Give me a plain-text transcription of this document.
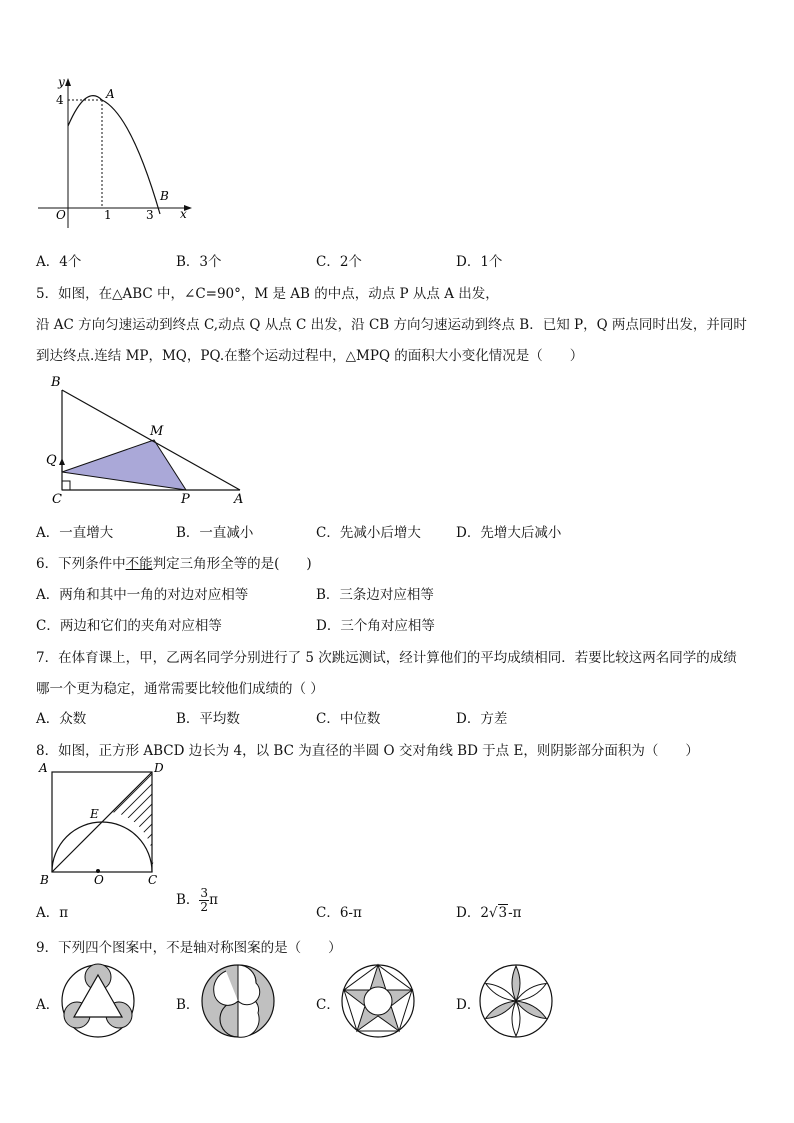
y
x
O
4
1	3
A
B
A．4个	B．3个	C．2个	D．1个
5．如图，在△ABC 中，∠C=90°，M 是 AB 的中点，动点 P 从点 A 出发，
沿 AC 方向匀速运动到终点 C,动点 Q 从点 C 出发，沿 CB 方向匀速运动到终点 B．已知 P，Q 两点同时出发，并同时
到达终点.连结 MP，MQ，PQ.在整个运动过程中，△MPQ 的面积大小变化情况是（　　）
B
M
Q
C	P	A
A．一直增大	B．一直减小	C．先减小后增大	D．先增大后减小
6．下列条件中不能判定三角形全等的是(　　)
A．两角和其中一角的对边对应相等	B．三条边对应相等
C．两边和它们的夹角对应相等	D．三个角对应相等
7．在体育课上，甲，乙两名同学分别进行了 5 次跳远测试，经计算他们的平均成绩相同．若要比较这两名同学的成绩
哪一个更为稳定，通常需要比较他们成绩的（ ）
A．众数	B．平均数	C．中位数	D．方差
8．如图，正方形 ABCD 边长为 4，以 BC 为直径的半圆 O 交对角线 BD 于点 E，则阴影部分面积为（　　）
A	D
E
B	O	C
A．π
B． $\frac{3}{2}$ π
C．6-π	D．2√3-π
9．下列四个图案中，不是轴对称图案的是（　　）
A．	B．	C．	D．
